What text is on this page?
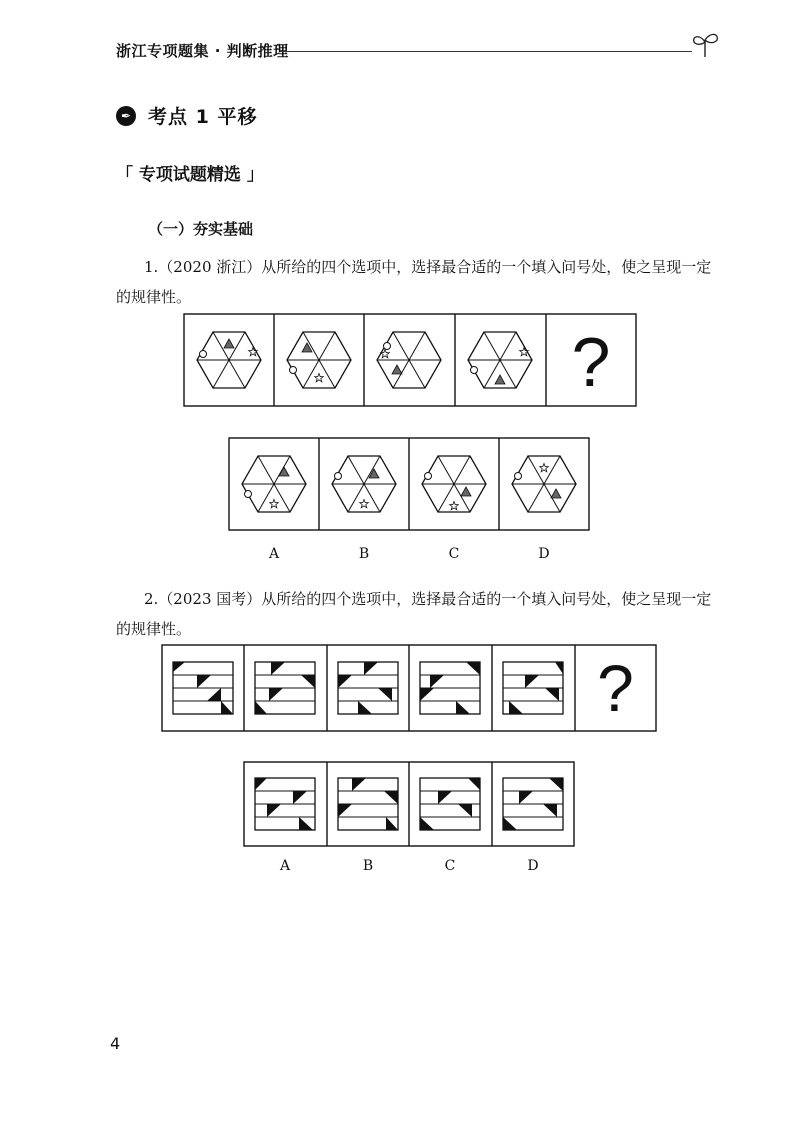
浙江专项题集 · 判断推理
✒ 考点 1 平移
「 专项试题精选 」
（一）夯实基础
1.（2020 浙江）从所给的四个选项中，选择最合适的一个填入问号处，使之呈现一定的规律性。
?
?
A	B	C	D
2.（2023 国考）从所给的四个选项中，选择最合适的一个填入问号处，使之呈现一定的规律性。
A	B	C	D
4
